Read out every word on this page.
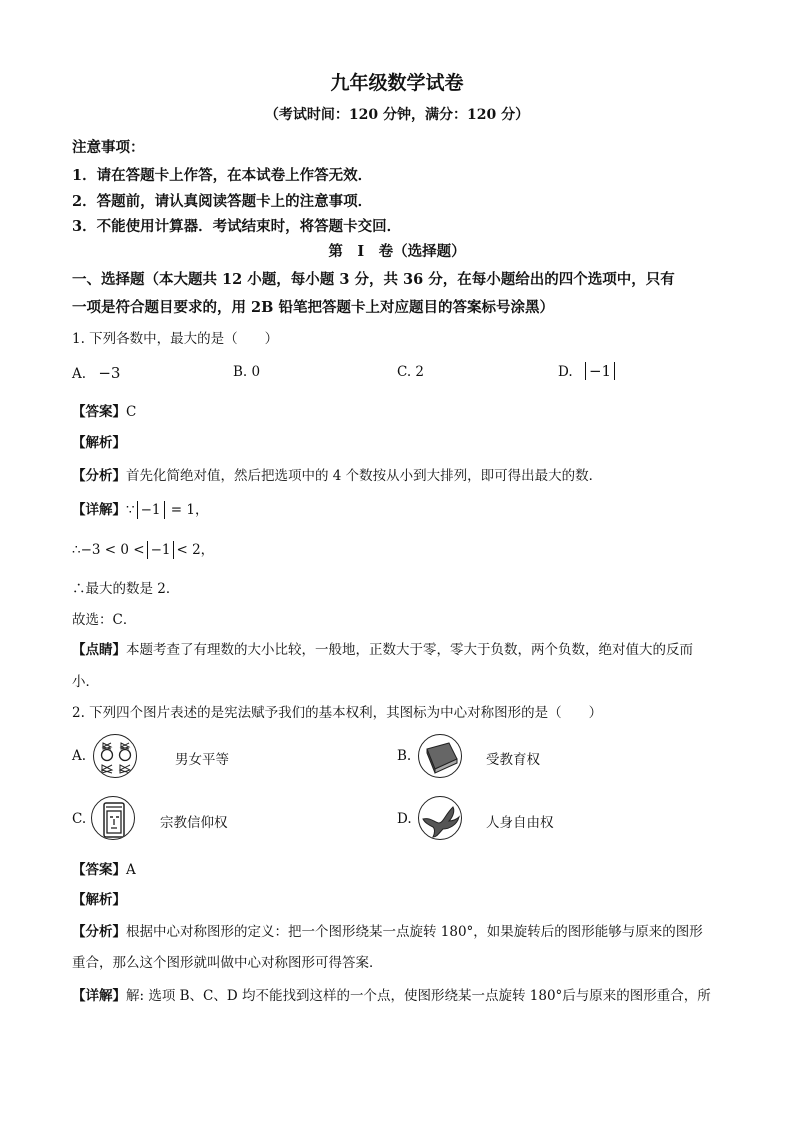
九年级数学试卷
（考试时间：120 分钟，满分：120 分）
注意事项：
1．请在答题卡上作答，在本试卷上作答无效．
2．答题前，请认真阅读答题卡上的注意事项．
3．不能使用计算器．考试结束时，将答题卡交回．
第　I　卷（选择题）
一、选择题（本大题共 12 小题，每小题 3 分，共 36 分，在每小题给出的四个选项中，只有
一项是符合题目要求的，用 2B 铅笔把答题卡上对应题目的答案标号涂黑）
1. 下列各数中，最大的是（　　）
A. −3	B. 0	C. 2	D. −1
【答案】C
【解析】
【分析】首先化简绝对值，然后把选项中的 4 个数按从小到大排列，即可得出最大的数．
【详解】∵ −1 = 1，
∴−3 < 0 < −1 < 2，
∴最大的数是 2．
故选：C．
【点睛】本题考查了有理数的大小比较，一般地，正数大于零，零大于负数，两个负数，绝对值大的反而
小．
2. 下列四个图片表述的是宪法赋予我们的基本权利，其图标为中心对称图形的是（　　）
A.	男女平等	B.	受教育权
C.	宗教信仰权	D.	人身自由权
【答案】A
【解析】
【分析】根据中心对称图形的定义：把一个图形绕某一点旋转 180°，如果旋转后的图形能够与原来的图形
重合，那么这个图形就叫做中心对称图形可得答案．
【详解】解: 选项 B、C、D 均不能找到这样的一个点，使图形绕某一点旋转 180°后与原来的图形重合，所
